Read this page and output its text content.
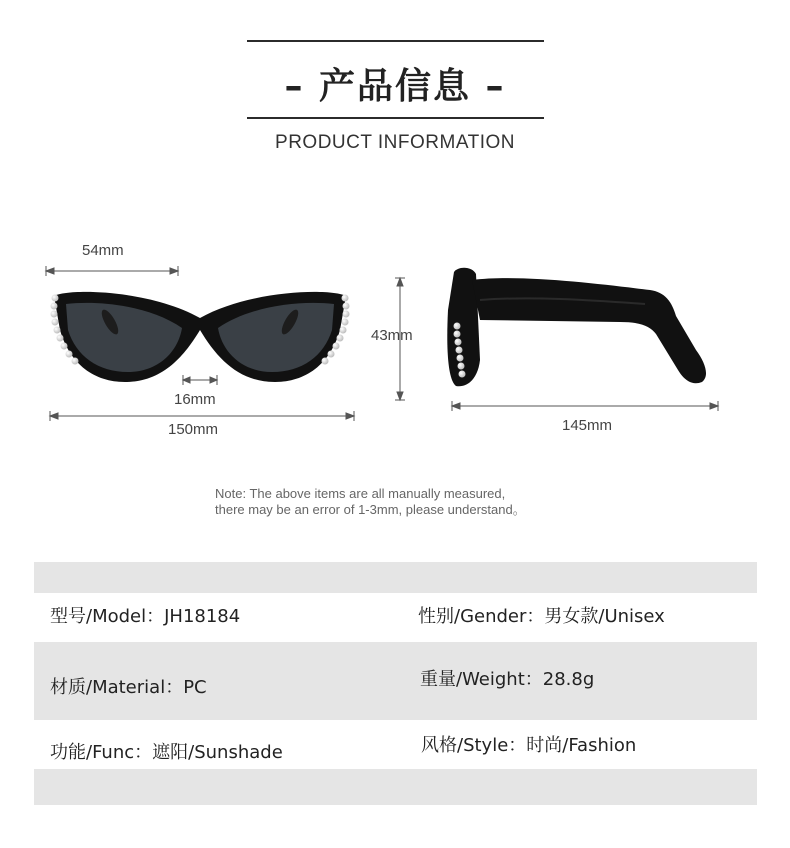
– 产品信息 –
PRODUCT INFORMATION
54mm
16mm
150mm
43mm
145mm
Note: The above items are all manually measured,
there may be an error of 1-3mm, please understand。
型号/Model：JH18184	性别/Gender：男女款/Unisex
材质/Material：PC	重量/Weight：28.8g
功能/Func：遮阳/Sunshade	风格/Style：时尚/Fashion
